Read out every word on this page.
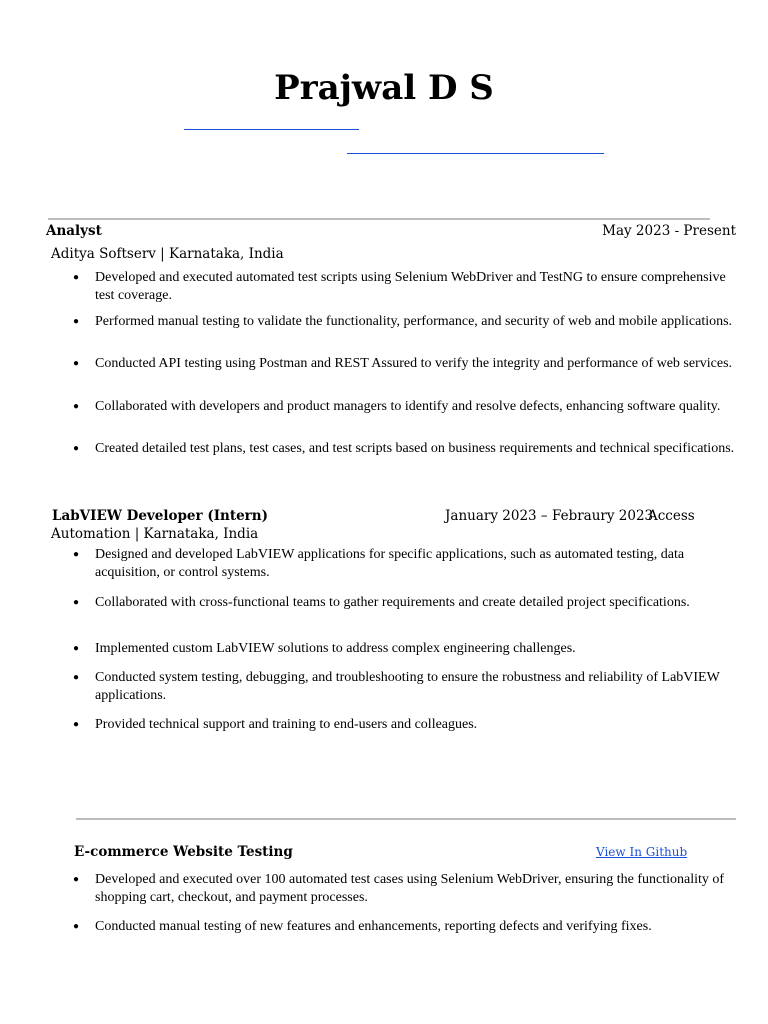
Prajwal D S
Analyst	May 2023 - Present
Aditya Softserv | Karnataka, India
● Developed and executed automated test scripts using Selenium WebDriver and TestNG to ensure comprehensive test coverage.
● Performed manual testing to validate the functionality, performance, and security of web and mobile applications.
● Conducted API testing using Postman and REST Assured to verify the integrity and performance of web services.
● Collaborated with developers and product managers to identify and resolve defects, enhancing software quality.
● Created detailed test plans, test cases, and test scripts based on business requirements and technical specifications.
LabVIEW Developer (Intern)	January 2023 – Febraury 2023
Access
Automation | Karnataka, India
● Designed and developed LabVIEW applications for specific applications, such as automated testing, data acquisition, or control systems.
● Collaborated with cross-functional teams to gather requirements and create detailed project specifications.
● Implemented custom LabVIEW solutions to address complex engineering challenges.
● Conducted system testing, debugging, and troubleshooting to ensure the robustness and reliability of LabVIEW applications.
● Provided technical support and training to end-users and colleagues.
E-commerce Website Testing	View In Github
● Developed and executed over 100 automated test cases using Selenium WebDriver, ensuring the functionality of shopping cart, checkout, and payment processes.
● Conducted manual testing of new features and enhancements, reporting defects and verifying fixes.
